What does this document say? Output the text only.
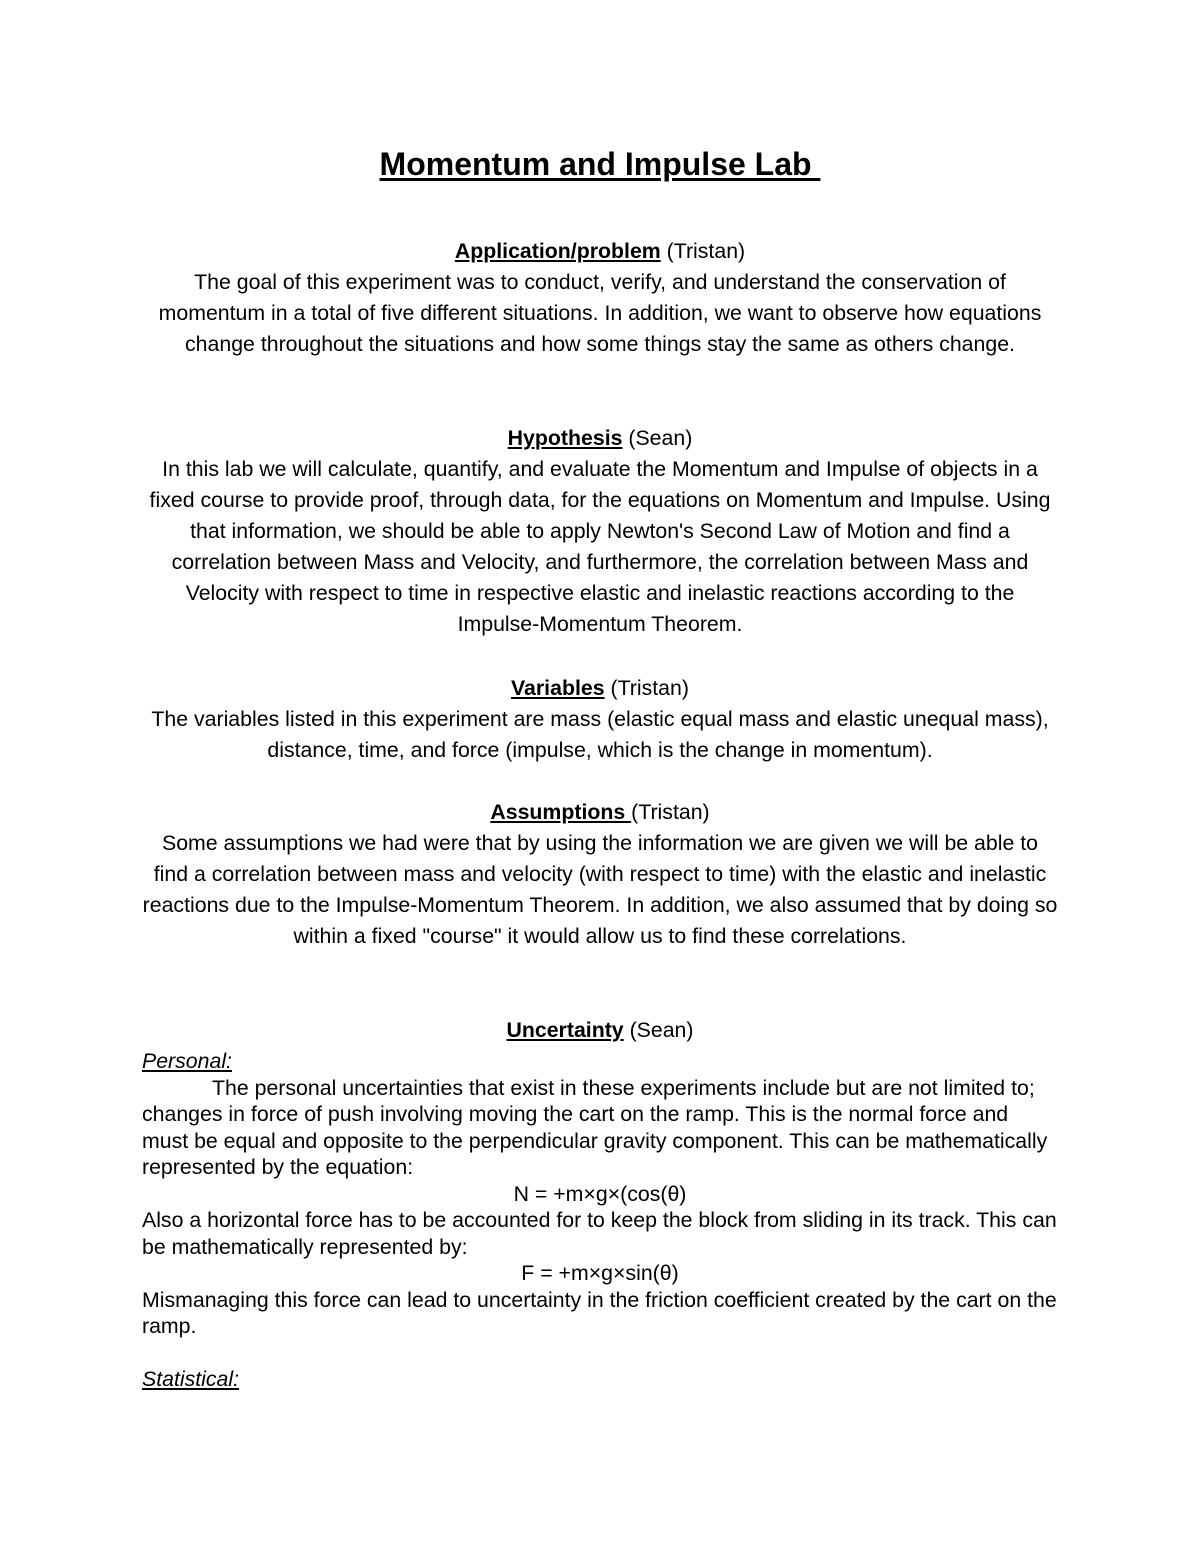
Momentum and Impulse Lab
Application/problem (Tristan)
The goal of this experiment was to conduct, verify, and understand the conservation of momentum in a total of five different situations. In addition, we want to observe how equations change throughout the situations and how some things stay the same as others change.
Hypothesis (Sean)
In this lab we will calculate, quantify, and evaluate the Momentum and Impulse of objects in a fixed course to provide proof, through data, for the equations on Momentum and Impulse. Using that information, we should be able to apply Newton's Second Law of Motion and find a correlation between Mass and Velocity, and furthermore, the correlation between Mass and Velocity with respect to time in respective elastic and inelastic reactions according to the Impulse-Momentum Theorem.
Variables (Tristan)
The variables listed in this experiment are mass (elastic equal mass and elastic unequal mass), distance, time, and force (impulse, which is the change in momentum).
Assumptions (Tristan)
Some assumptions we had were that by using the information we are given we will be able to find a correlation between mass and velocity (with respect to time) with the elastic and inelastic reactions due to the Impulse-Momentum Theorem. In addition, we also assumed that by doing so within a fixed "course" it would allow us to find these correlations.
Uncertainty (Sean)
Personal:
The personal uncertainties that exist in these experiments include but are not limited to; changes in force of push involving moving the cart on the ramp. This is the normal force and must be equal and opposite to the perpendicular gravity component. This can be mathematically represented by the equation:
N = +m×g×(cos(θ)
Also a horizontal force has to be accounted for to keep the block from sliding in its track. This can be mathematically represented by:
F = +m×g×sin(θ)
Mismanaging this force can lead to uncertainty in the friction coefficient created by the cart on the ramp.
Statistical:
